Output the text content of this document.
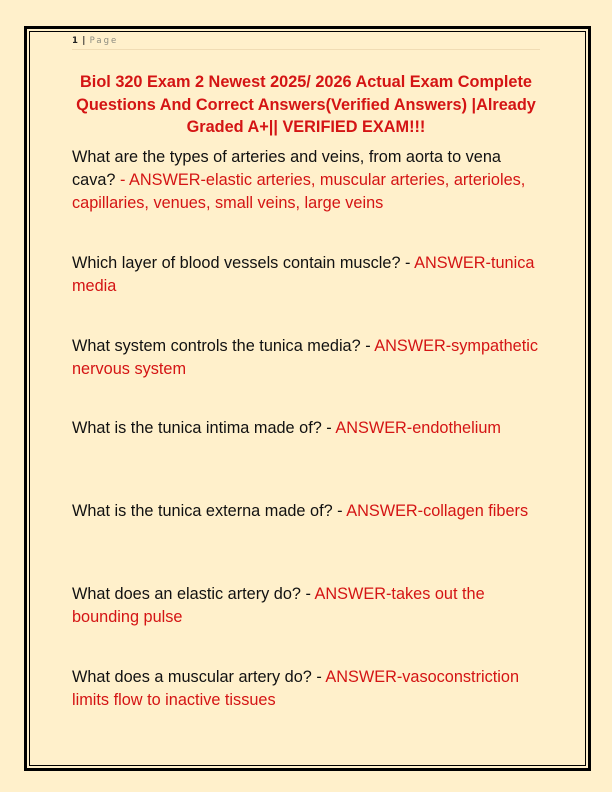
1 | Page
Biol 320 Exam 2 Newest 2025/ 2026 Actual Exam Complete Questions And Correct Answers(Verified Answers) |Already Graded A+|| VERIFIED EXAM!!!
What are the types of arteries and veins, from aorta to vena cava? - ANSWER-elastic arteries, muscular arteries, arterioles, capillaries, venues, small veins, large veins
Which layer of blood vessels contain muscle? - ANSWER-tunica media
What system controls the tunica media? - ANSWER-sympathetic nervous system
What is the tunica intima made of? - ANSWER-endothelium
What is the tunica externa made of? - ANSWER-collagen fibers
What does an elastic artery do? - ANSWER-takes out the bounding pulse
What does a muscular artery do? - ANSWER-vasoconstriction limits flow to inactive tissues
